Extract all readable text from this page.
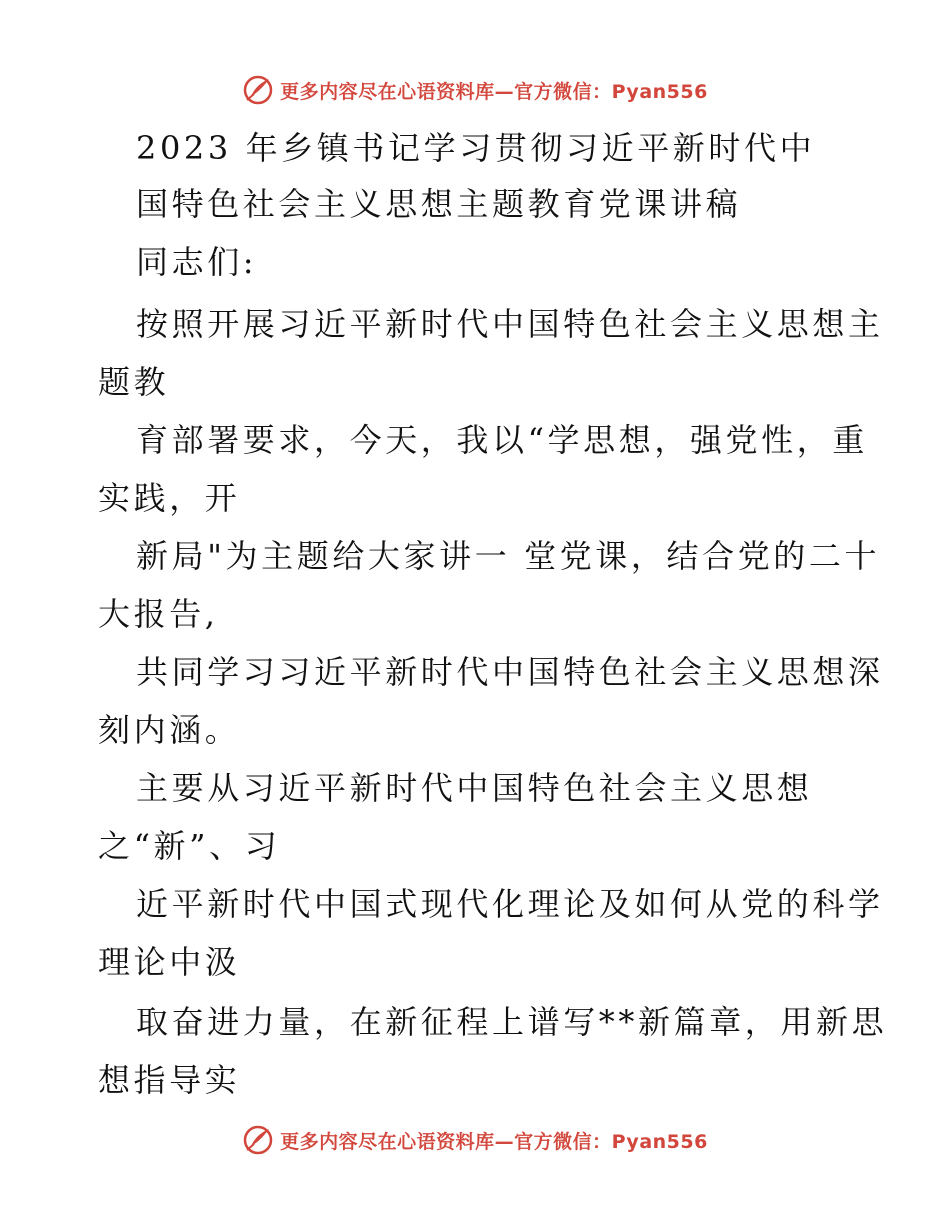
更多内容尽在心语资料库—官方微信：Pyan556
2023 年乡镇书记学习贯彻习近平新时代中
国特色社会主义思想主题教育党课讲稿
同志们:
按照开展习近平新时代中国特色社会主义思想主
题教
育部署要求，今天，我以“学思想，强党性，重
实践，开
新局"为主题给大家讲一 堂党课，结合党的二十
大报告,
共同学习习近平新时代中国特色社会主义思想深
刻内涵。
主要从习近平新时代中国特色社会主义思想
之“新”、习
近平新时代中国式现代化理论及如何从党的科学
理论中汲
取奋进力量，在新征程上谱写**新篇章，用新思
想指导实
更多内容尽在心语资料库—官方微信：Pyan556
